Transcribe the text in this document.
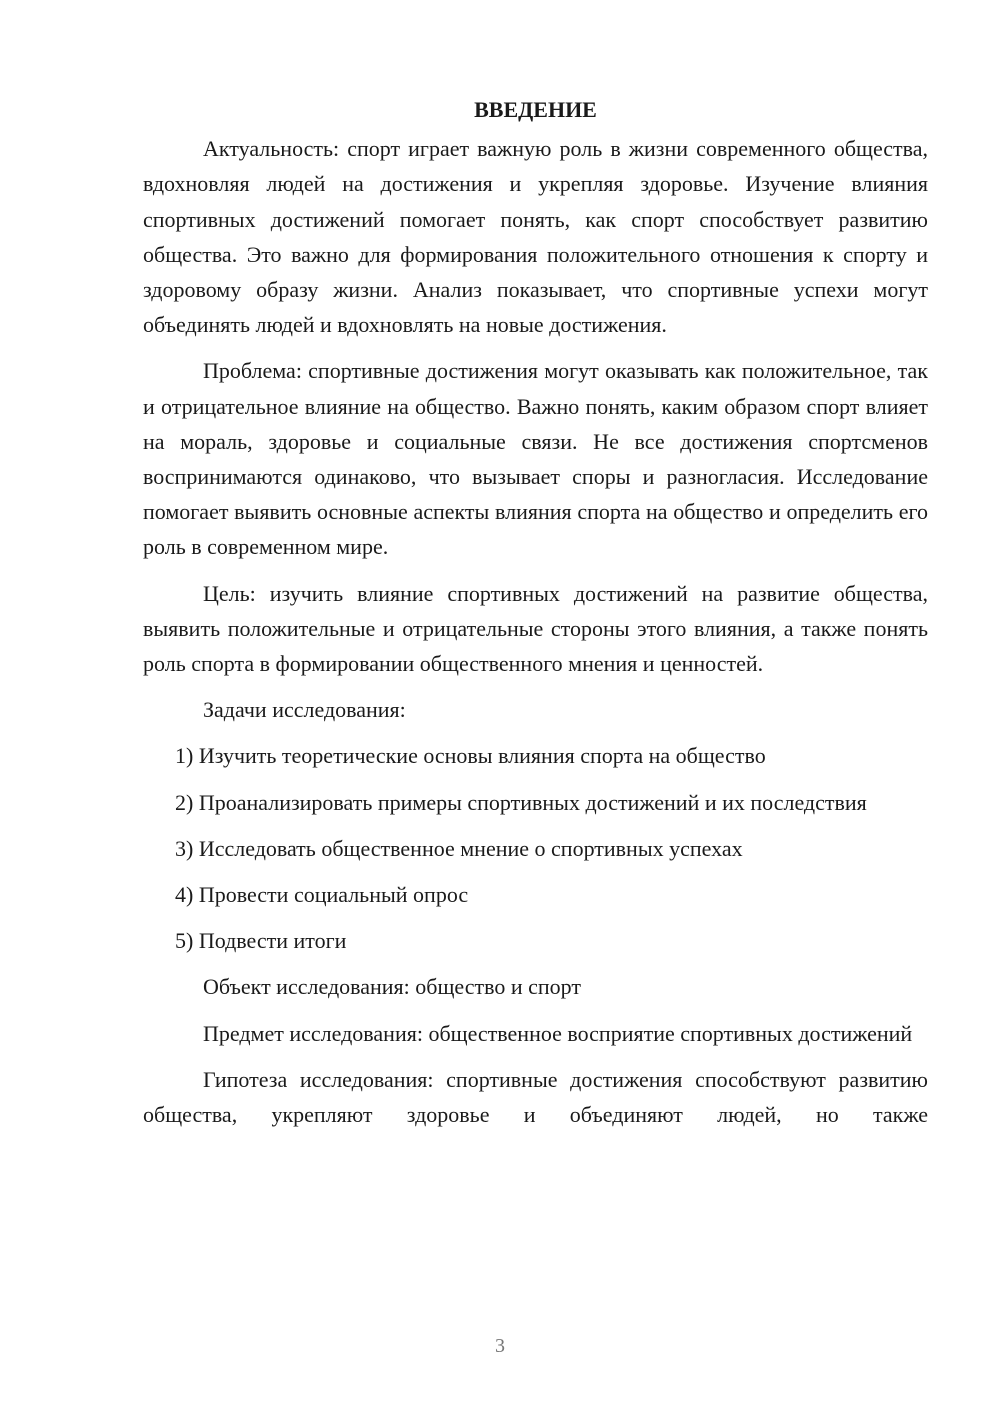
ВВЕДЕНИЕ

Актуальность: спорт играет важную роль в жизни современного общества, вдохновляя людей на достижения и укрепляя здоровье. Изучение влияния спортивных достижений помогает понять, как спорт способствует развитию общества. Это важно для формирования положительного отношения к спорту и здоровому образу жизни. Анализ показывает, что спортивные успехи могут объединять людей и вдохновлять на новые достижения.

Проблема: спортивные достижения могут оказывать как положительное, так и отрицательное влияние на общество. Важно понять, каким образом спорт влияет на мораль, здоровье и социальные связи. Не все достижения спортсменов воспринимаются одинаково, что вызывает споры и разногласия. Исследование помогает выявить основные аспекты влияния спорта на общество и определить его роль в современном мире.

Цель: изучить влияние спортивных достижений на развитие общества, выявить положительные и отрицательные стороны этого влияния, а также понять роль спорта в формировании общественного мнения и ценностей.

Задачи исследования:

1) Изучить теоретические основы влияния спорта на общество

2) Проанализировать примеры спортивных достижений и их последствия

3) Исследовать общественное мнение о спортивных успехах

4) Провести социальный опрос

5) Подвести итоги

Объект исследования: общество и спорт

Предмет исследования: общественное восприятие спортивных достижений

Гипотеза исследования: спортивные достижения способствуют развитию общества, укрепляют здоровье и объединяют людей, но также

3
